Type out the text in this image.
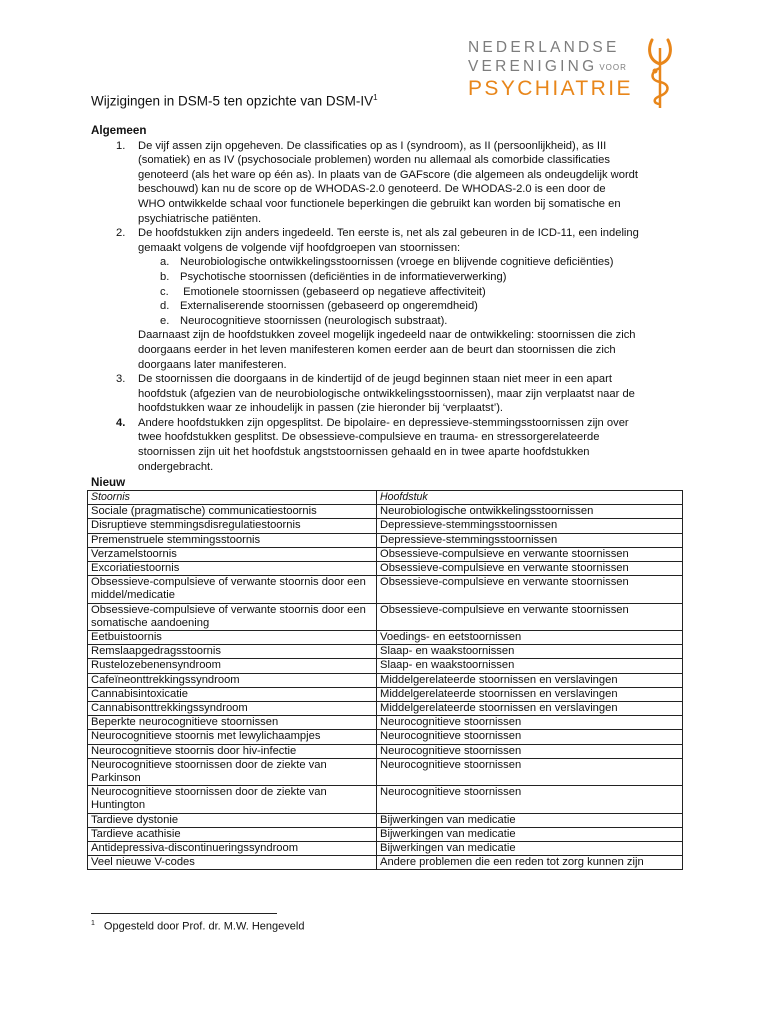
NEDERLANDSE
VERENIGING VOOR
PSYCHIATRIE
Wijzigingen in DSM-5 ten opzichte van DSM-$IV^1$
Algemeen
1. De vijf assen zijn opgeheven. De classificaties op as I (syndroom), as II (persoonlijkheid), as III
(somatiek) en as IV (psychosociale problemen) worden nu allemaal als comorbide classificaties
genoteerd (als het ware op één as). In plaats van de GAFscore (die algemeen als ondeugdelijk wordt
beschouwd) kan nu de score op de WHODAS-2.0 genoteerd. De WHODAS-2.0 is een door de
WHO ontwikkelde schaal voor functionele beperkingen die gebruikt kan worden bij somatische en
psychiatrische patiënten.
2. De hoofdstukken zijn anders ingedeeld. Ten eerste is, net als zal gebeuren in de ICD-11, een indeling
gemaakt volgens de volgende vijf hoofdgroepen van stoornissen:
a. Neurobiologische ontwikkelingsstoornissen (vroege en blijvende cognitieve deficiënties)
b. Psychotische stoornissen (deficiënties in de informatieverwerking)
c. Emotionele stoornissen (gebaseerd op negatieve affectiviteit)
d. Externaliserende stoornissen (gebaseerd op ongeremdheid)
e. Neurocognitieve stoornissen (neurologisch substraat).
Daarnaast zijn de hoofdstukken zoveel mogelijk ingedeeld naar de ontwikkeling: stoornissen die zich
doorgaans eerder in het leven manifesteren komen eerder aan de beurt dan stoornissen die zich
doorgaans later manifesteren.
3. De stoornissen die doorgaans in de kindertijd of de jeugd beginnen staan niet meer in een apart
hoofdstuk (afgezien van de neurobiologische ontwikkelingsstoornissen), maar zijn verplaatst naar de
hoofdstukken waar ze inhoudelijk in passen (zie hieronder bij ‘verplaatst’).
4. Andere hoofdstukken zijn opgesplitst. De bipolaire- en depressieve-stemmingsstoornissen zijn over
twee hoofdstukken gesplitst. De obsessieve-compulsieve en trauma- en stressorgerelateerde
stoornissen zijn uit het hoofdstuk angststoornissen gehaald en in twee aparte hoofdstukken
ondergebracht.
Nieuw
Stoornis	Hoofdstuk
Sociale (pragmatische) communicatiestoornis	Neurobiologische ontwikkelingsstoornissen
Disruptieve stemmingsdisregulatiestoornis	Depressieve-stemmingsstoornissen
Premenstruele stemmingsstoornis	Depressieve-stemmingsstoornissen
Verzamelstoornis	Obsessieve-compulsieve en verwante stoornissen
Excoriatiestoornis	Obsessieve-compulsieve en verwante stoornissen
Obsessieve-compulsieve of verwante stoornis door een middel/medicatie	Obsessieve-compulsieve en verwante stoornissen
Obsessieve-compulsieve of verwante stoornis door een somatische aandoening	Obsessieve-compulsieve en verwante stoornissen
Eetbuistoornis	Voedings- en eetstoornissen
Remslaapgedragsstoornis	Slaap- en waakstoornissen
Rustelozebenensyndroom	Slaap- en waakstoornissen
Cafeïneonttrekkingssyndroom	Middelgerelateerde stoornissen en verslavingen
Cannabisintoxicatie	Middelgerelateerde stoornissen en verslavingen
Cannabisonttrekkingssyndroom	Middelgerelateerde stoornissen en verslavingen
Beperkte neurocognitieve stoornissen	Neurocognitieve stoornissen
Neurocognitieve stoornis met lewylichaampjes	Neurocognitieve stoornissen
Neurocognitieve stoornis door hiv-infectie	Neurocognitieve stoornissen
Neurocognitieve stoornissen door de ziekte van Parkinson	Neurocognitieve stoornissen
Neurocognitieve stoornissen door de ziekte van Huntington	Neurocognitieve stoornissen
Tardieve dystonie	Bijwerkingen van medicatie
Tardieve acathisie	Bijwerkingen van medicatie
Antidepressiva-discontinueringssyndroom	Bijwerkingen van medicatie
Veel nieuwe V-codes	Andere problemen die een reden tot zorg kunnen zijn
$^1$ Opgesteld door Prof. dr. M.W. Hengeveld
